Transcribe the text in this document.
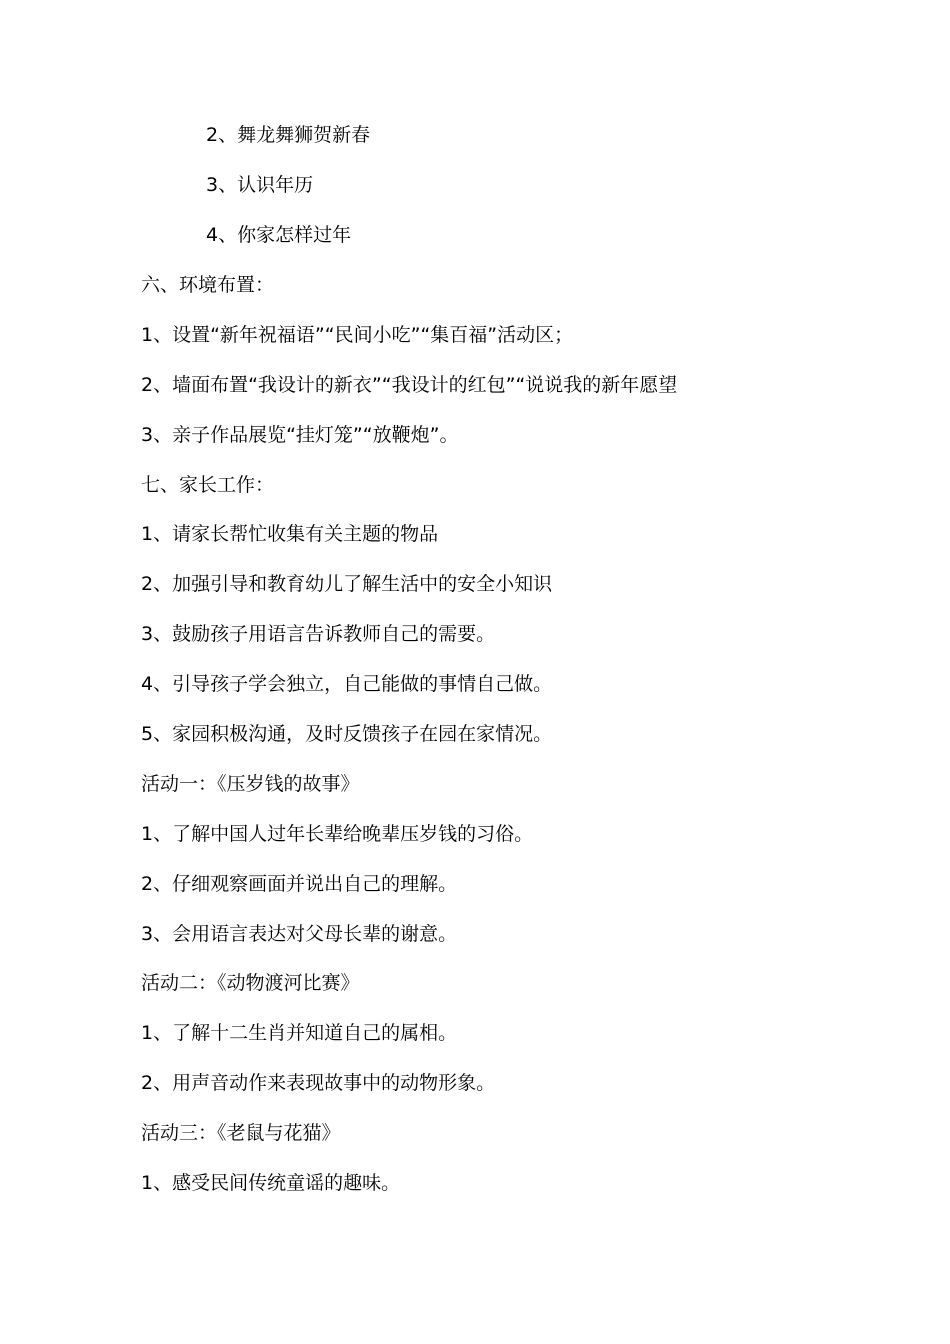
2、舞龙舞狮贺新春
3、认识年历
4、你家怎样过年
六、环境布置：
1、设置“新年祝福语”“民间小吃”“集百福”活动区；
2、墙面布置“我设计的新衣”“我设计的红包”“说说我的新年愿望
3、亲子作品展览“挂灯笼”“放鞭炮”。
七、家长工作：
1、请家长帮忙收集有关主题的物品
2、加强引导和教育幼儿了解生活中的安全小知识
3、鼓励孩子用语言告诉教师自己的需要。
4、引导孩子学会独立，自己能做的事情自己做。
5、家园积极沟通，及时反馈孩子在园在家情况。
活动一：《压岁钱的故事》
1、了解中国人过年长辈给晚辈压岁钱的习俗。
2、仔细观察画面并说出自己的理解。
3、会用语言表达对父母长辈的谢意。
活动二：《动物渡河比赛》
1、了解十二生肖并知道自己的属相。
2、用声音动作来表现故事中的动物形象。
活动三：《老鼠与花猫》
1、感受民间传统童谣的趣味。
